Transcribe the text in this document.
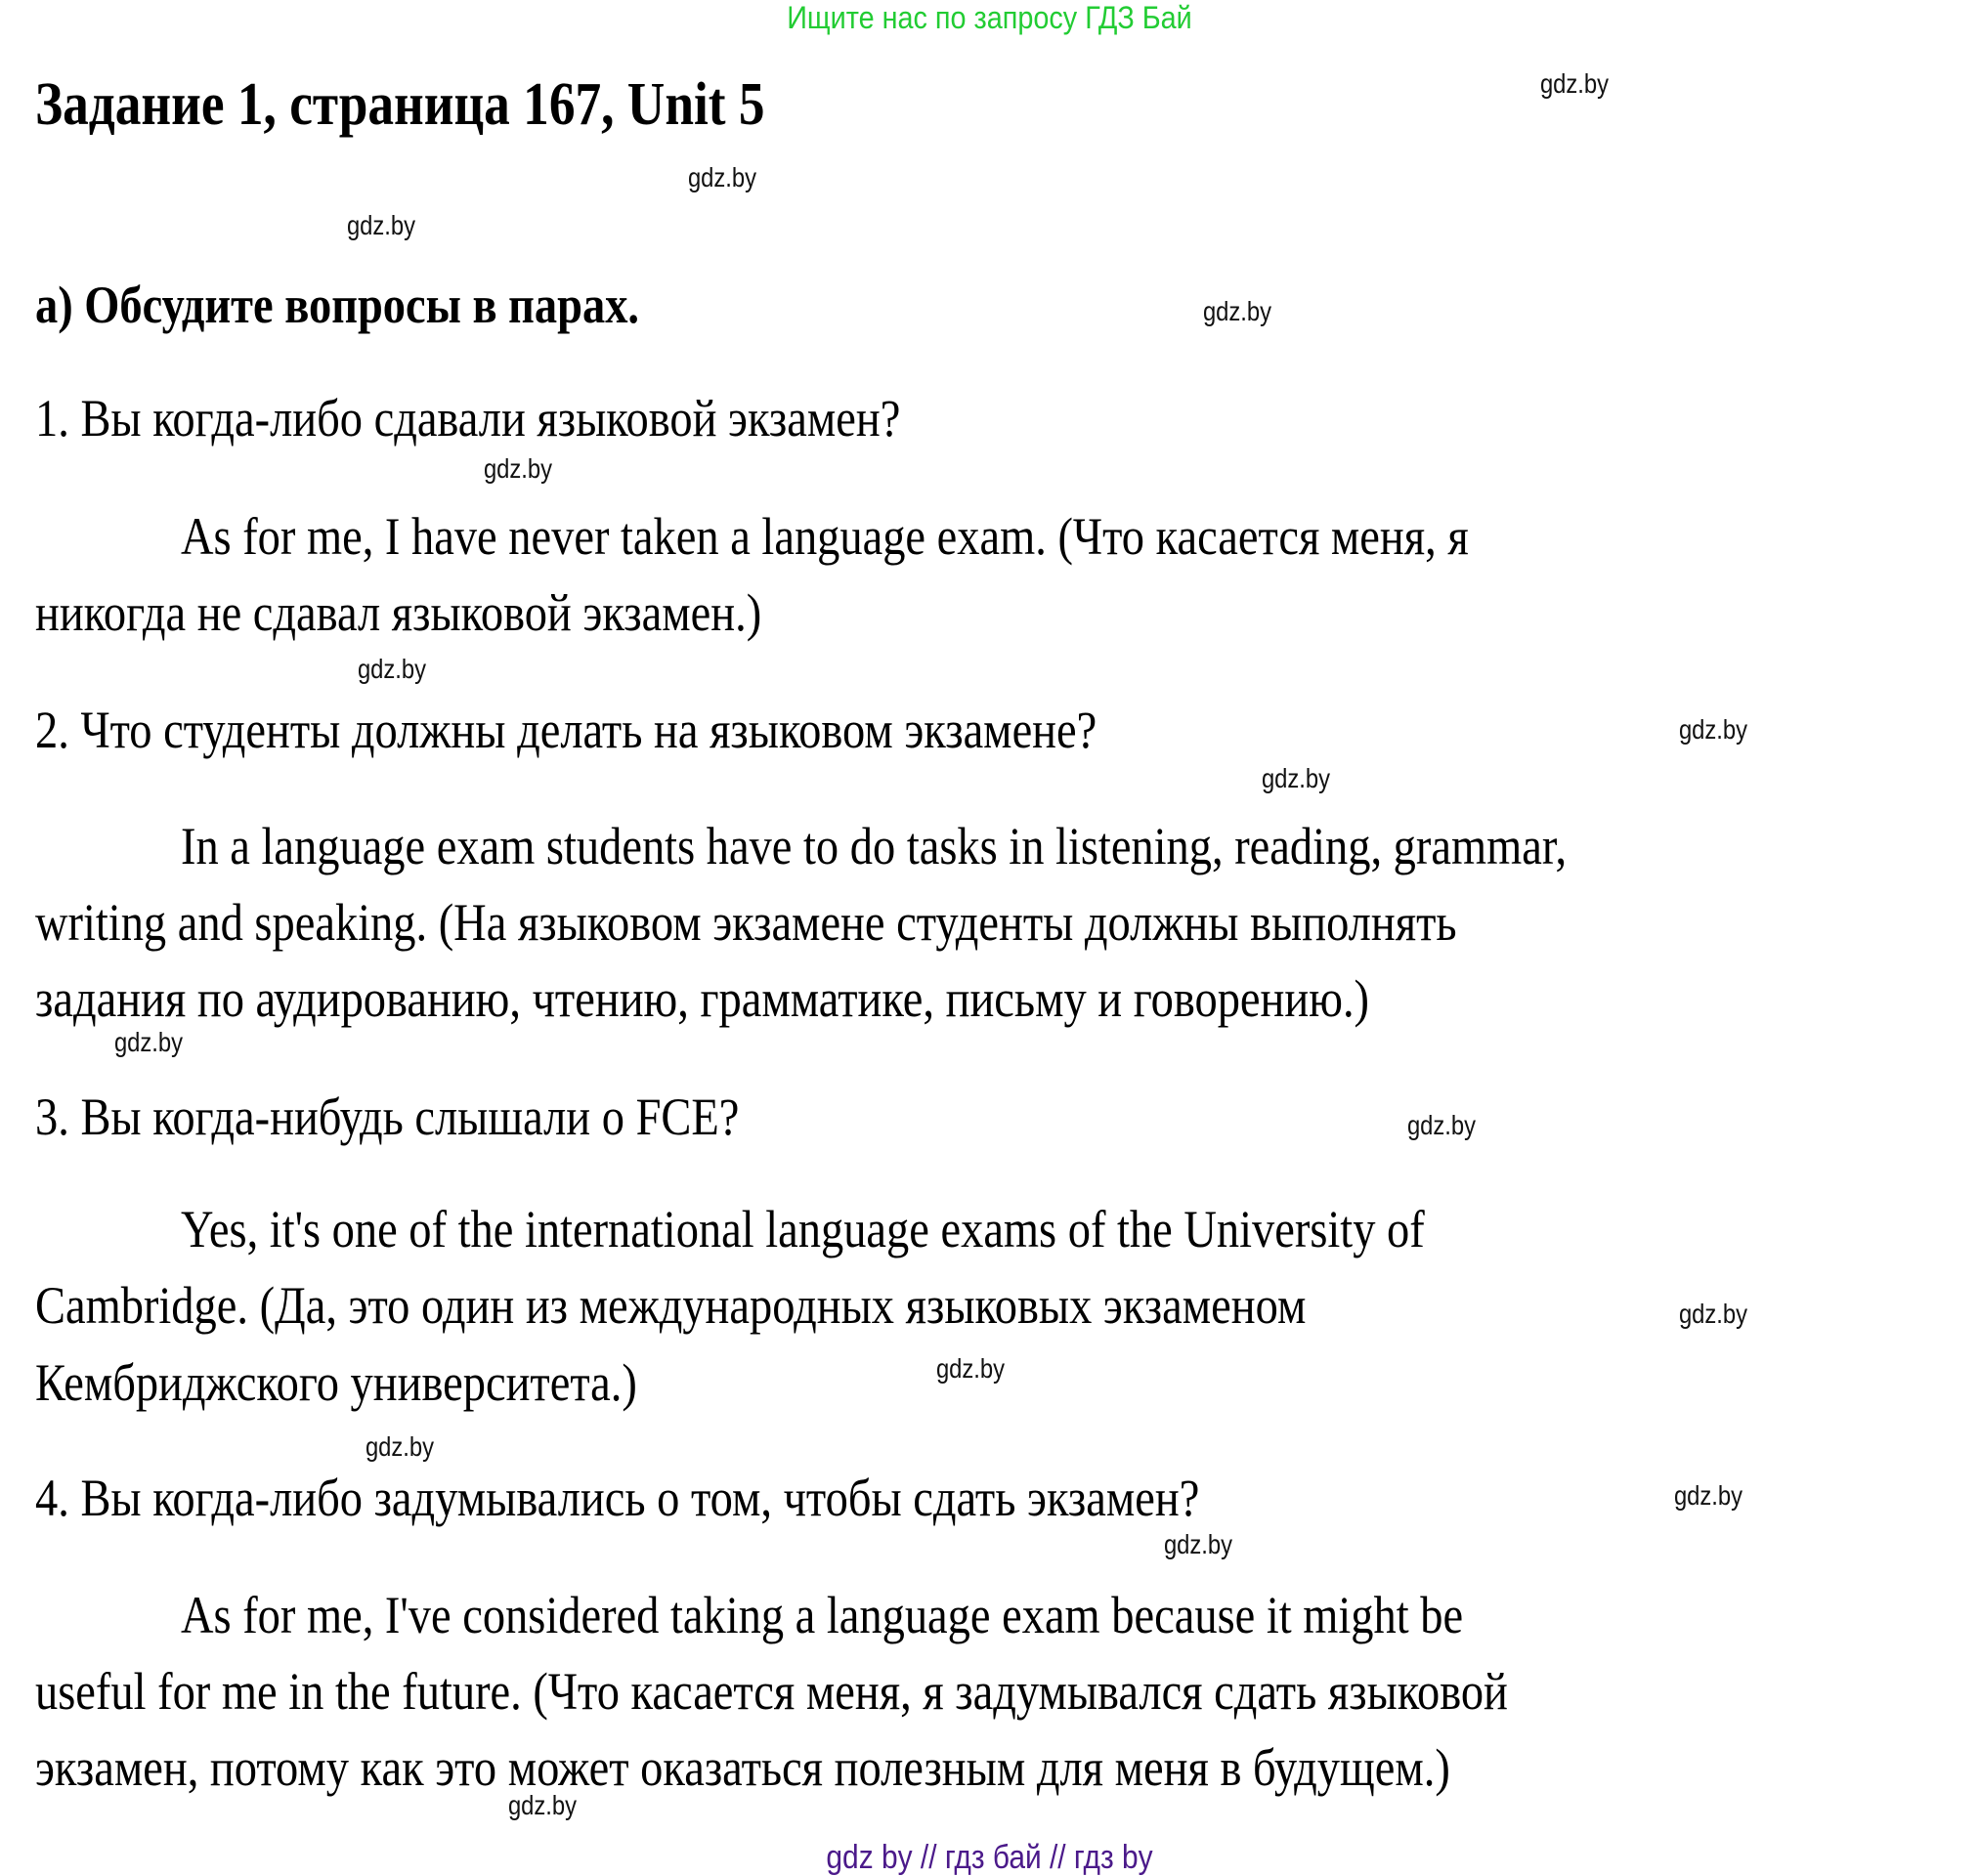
Ищите нас по запросу ГДЗ Бай
Задание 1, страница 167, Unit 5
а) Обсудите вопросы в парах.
1. Вы когда-либо сдавали языковой экзамен?
As for me, I have never taken a language exam. (Что касается меня, я
никогда не сдавал языковой экзамен.)
2. Что студенты должны делать на языковом экзамене?
In a language exam students have to do tasks in listening, reading, grammar,
writing and speaking. (На языковом экзамене студенты должны выполнять
задания по аудированию, чтению, грамматике, письму и говорению.)
3. Вы когда-нибудь слышали о FCE?
Yes, it's one of the international language exams of the University of
Cambridge. (Да, это один из международных языковых экзаменом
Кембриджского университета.)
4. Вы когда-либо задумывались о том, чтобы сдать экзамен?
As for me, I've considered taking a language exam because it might be
useful for me in the future. (Что касается меня, я задумывался сдать языковой
экзамен, потому как это может оказаться полезным для меня в будущем.)
gdz.by
gdz.by
gdz.by
gdz.by
gdz.by
gdz.by
gdz.by
gdz.by
gdz.by
gdz.by
gdz.by
gdz.by
gdz.by
gdz.by
gdz.by
gdz.by
gdz by // гдз бай // гдз by
